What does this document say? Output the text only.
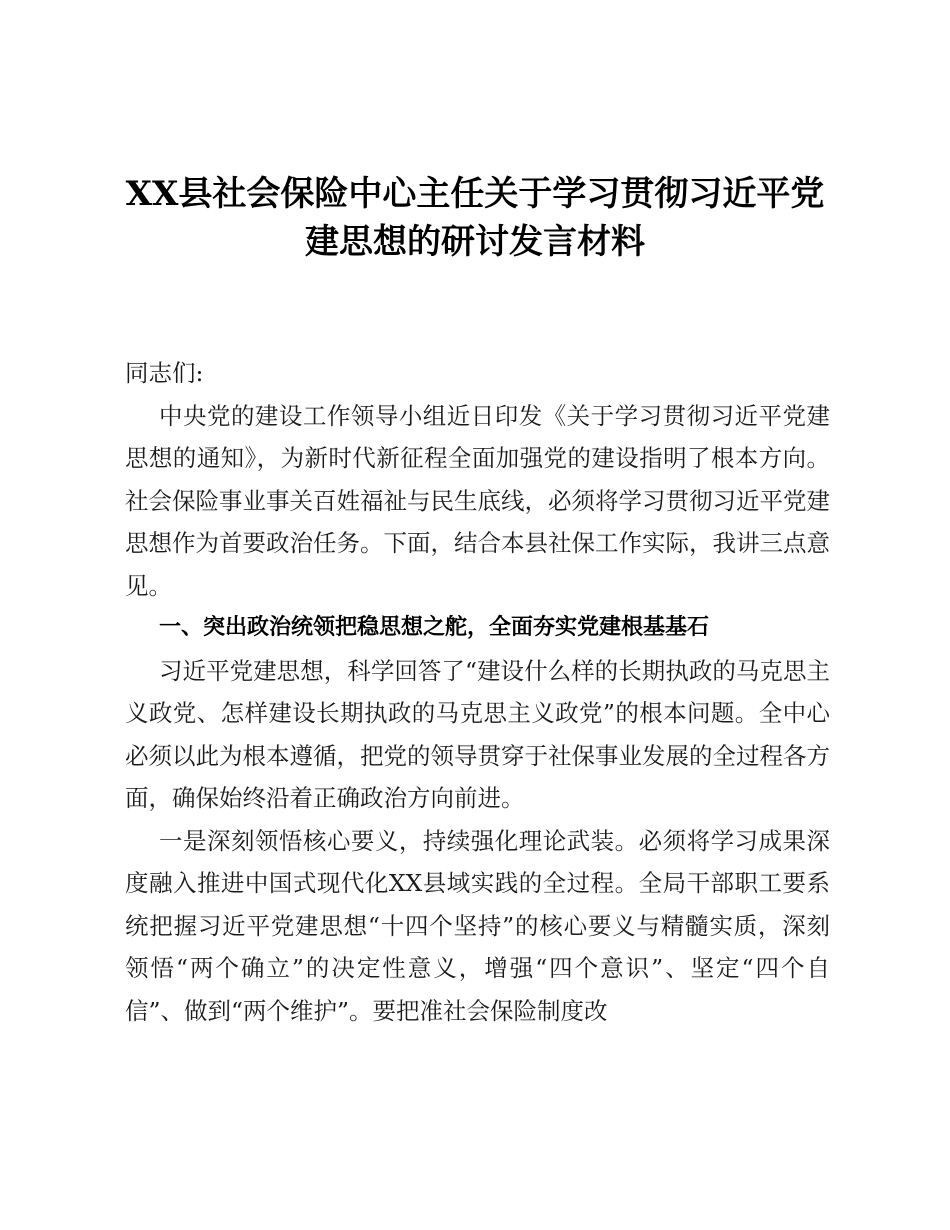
XX县社会保险中心主任关于学习贯彻习近平党
建思想的研讨发言材料

同志们:

中央党的建设工作领导小组近日印发《关于学习贯彻习近平党建思想的通知》，为新时代新征程全面加强党的建设指明了根本方向。社会保险事业事关百姓福祉与民生底线，必须将学习贯彻习近平党建思想作为首要政治任务。下面，结合本县社保工作实际，我讲三点意见。

一、突出政治统领把稳思想之舵，全面夯实党建根基基石

习近平党建思想，科学回答了“建设什么样的长期执政的马克思主义政党、怎样建设长期执政的马克思主义政党”的根本问题。全中心必须以此为根本遵循，把党的领导贯穿于社保事业发展的全过程各方面，确保始终沿着正确政治方向前进。

一是深刻领悟核心要义，持续强化理论武装。必须将学习成果深度融入推进中国式现代化XX县域实践的全过程。全局干部职工要系统把握习近平党建思想“十四个坚持”的核心要义与精髓实质，深刻领悟“两个确立”的决定性意义，增强“四个意识”、坚定“四个自信”、做到“两个维护”。要把准社会保险制度改
